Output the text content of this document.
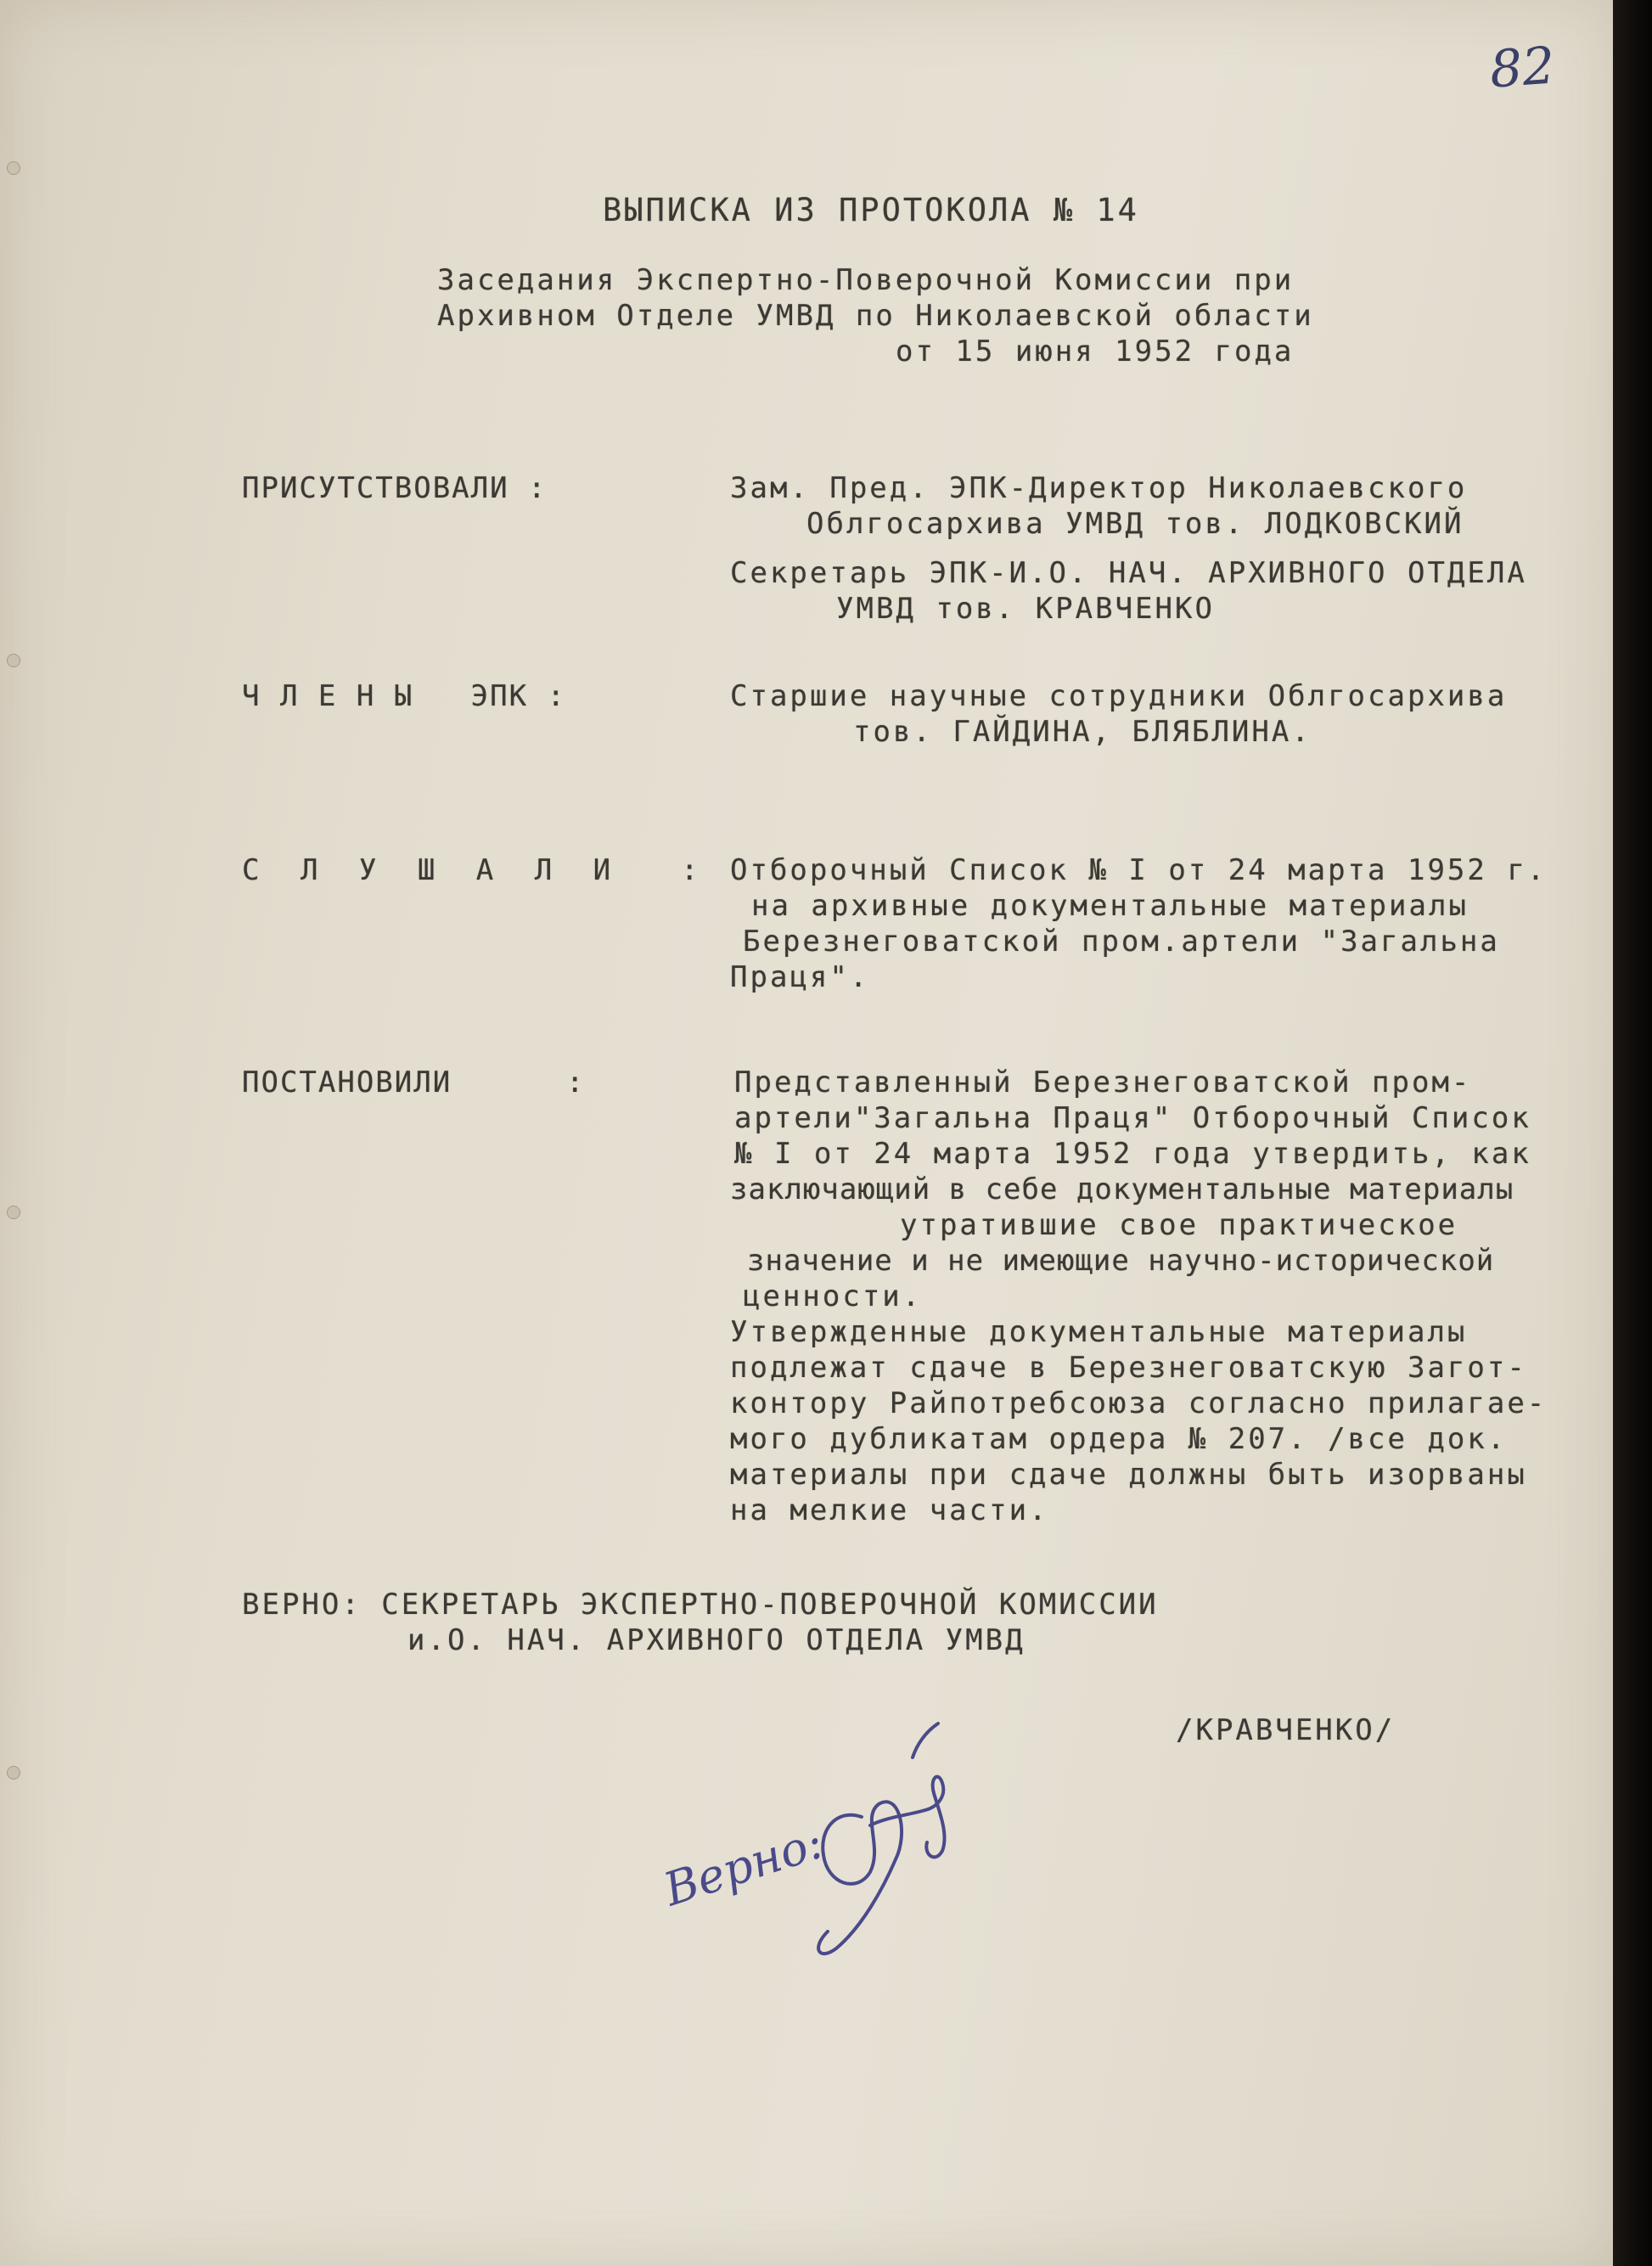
82
ВЫПИСКА ИЗ ПРОТОКОЛА № 14
Заседания Экспертно-Поверочной Комиссии при
Архивном Отделе УМВД по Николаевской области
от 15 июня 1952 года
ПРИСУТСТВОВАЛИ :	Зам. Пред. ЭПК-Директор Николаевского
Облгосархива УМВД тов. ЛОДКОВСКИЙ
Секретарь ЭПК-И.О. НАЧ. АРХИВНОГО ОТДЕЛА
УМВД тов. КРАВЧЕНКО
Ч Л Е Н Ы   ЭПК :	Старшие научные сотрудники Облгосархива
тов. ГАЙДИНА, БЛЯБЛИНА.
С Л У Ш А Л И  : Отборочный Список № I от 24 марта 1952 г.
на архивные документальные материалы
Березнеговатской пром.артели "Загальна
Праця".
ПОСТАНОВИЛИ      :	Представленный Березнеговатской пром-
артели"Загальна Праця" Отборочный Список
№ I от 24 марта 1952 года утвердить, как
заключающий в себе документальные материалы
утратившие свое практическое
значение и не имеющие научно-исторической
ценности.
Утвержденные документальные материалы
подлежат сдаче в Березнеговатскую Загот-
контору Райпотребсоюза согласно прилагае-
мого дубликатам ордера № 207. /все док.
материалы при сдаче должны быть изорваны
на мелкие части.
ВЕРНО: СЕКРЕТАРЬ ЭКСПЕРТНО-ПОВЕРОЧНОЙ КОМИССИИ
и.О. НАЧ. АРХИВНОГО ОТДЕЛА УМВД
/КРАВЧЕНКО/
Верно:
